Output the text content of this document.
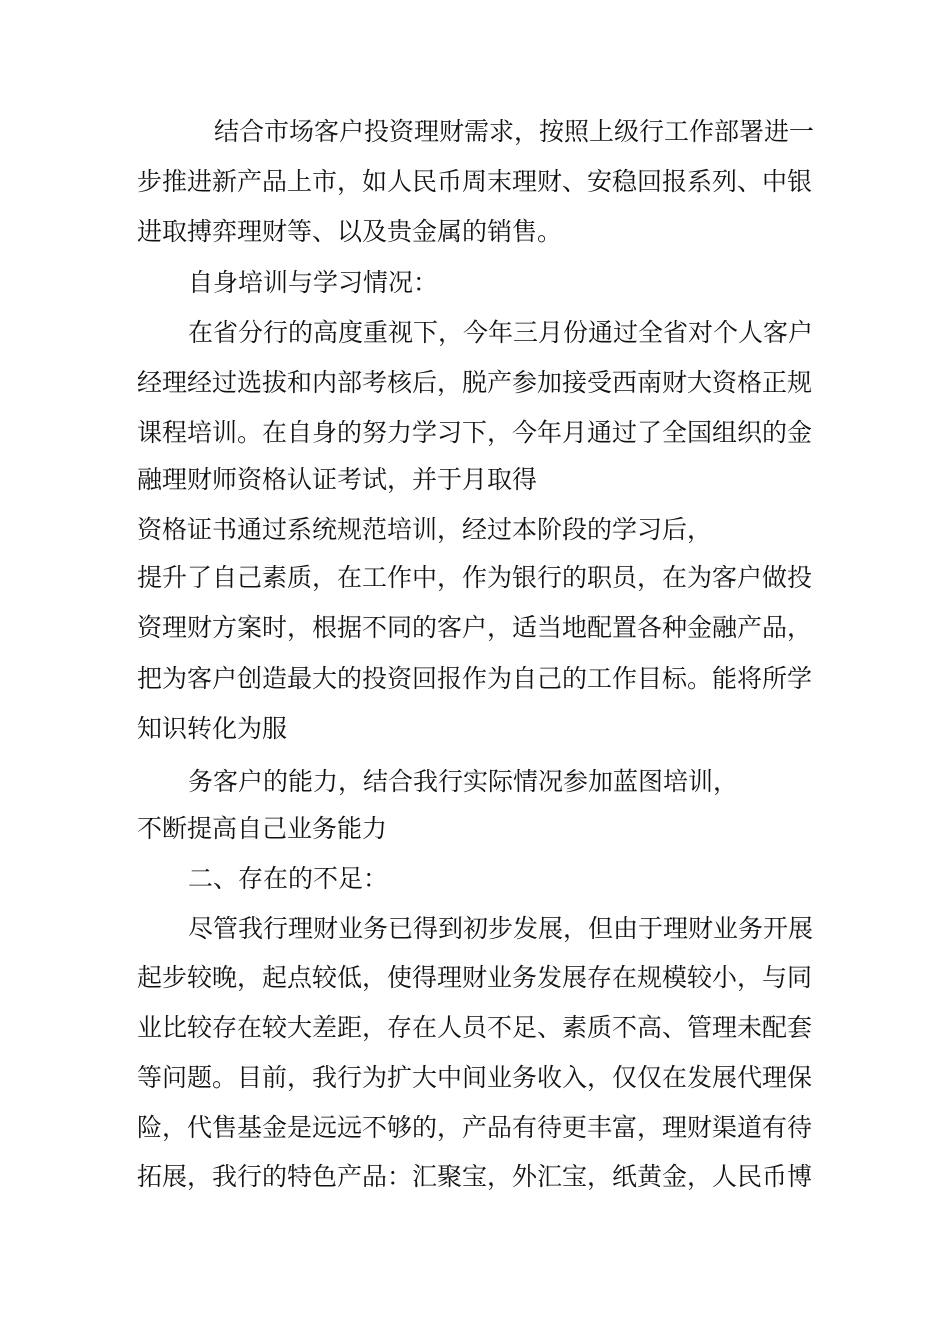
结合市场客户投资理财需求，按照上级行工作部署进一

步推进新产品上市，如人民币周末理财、安稳回报系列、中银

进取搏弈理财等、以及贵金属的销售。

自身培训与学习情况：

在省分行的高度重视下，今年三月份通过全省对个人客户

经理经过选拔和内部考核后，脱产参加接受西南财大资格正规

课程培训。在自身的努力学习下，今年月通过了全国组织的金

融理财师资格认证考试，并于月取得

资格证书通过系统规范培训，经过本阶段的学习后，

提升了自己素质，在工作中，作为银行的职员，在为客户做投

资理财方案时，根据不同的客户，适当地配置各种金融产品，

把为客户创造最大的投资回报作为自己的工作目标。能将所学

知识转化为服

务客户的能力，结合我行实际情况参加蓝图培训，

不断提高自己业务能力

二、存在的不足：

尽管我行理财业务已得到初步发展，但由于理财业务开展

起步较晚，起点较低，使得理财业务发展存在规模较小，与同

业比较存在较大差距，存在人员不足、素质不高、管理未配套

等问题。目前，我行为扩大中间业务收入，仅仅在发展代理保

险，代售基金是远远不够的，产品有待更丰富，理财渠道有待

拓展，我行的特色产品：汇聚宝，外汇宝，纸黄金，人民币博
